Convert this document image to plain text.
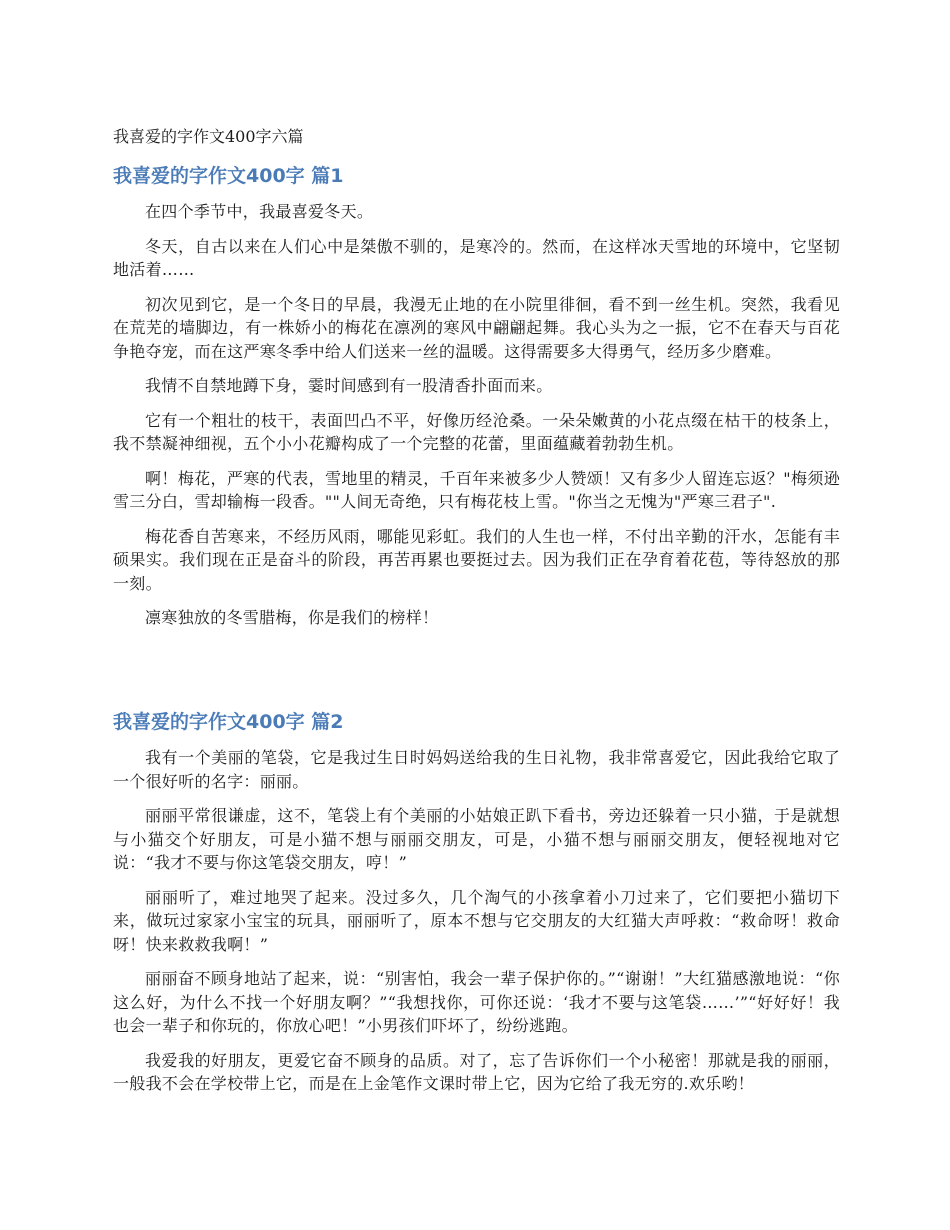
我喜爱的字作文400字六篇

我喜爱的字作文400字 篇1

在四个季节中，我最喜爱冬天。

冬天，自古以来在人们心中是桀傲不驯的，是寒冷的。然而，在这样冰天雪地的环境中，它坚韧地活着……

初次见到它，是一个冬日的早晨，我漫无止地的在小院里徘徊，看不到一丝生机。突然，我看见在荒芜的墙脚边，有一株娇小的梅花在凛冽的寒风中翩翩起舞。我心头为之一振，它不在春天与百花争艳夺宠，而在这严寒冬季中给人们送来一丝的温暖。这得需要多大得勇气，经历多少磨难。

我情不自禁地蹲下身，霎时间感到有一股清香扑面而来。

它有一个粗壮的枝干，表面凹凸不平，好像历经沧桑。一朵朵嫩黄的小花点缀在枯干的枝条上，我不禁凝神细视，五个小小花瓣构成了一个完整的花蕾，里面蕴藏着勃勃生机。

啊！梅花，严寒的代表，雪地里的精灵，千百年来被多少人赞颂！又有多少人留连忘返？"梅须逊雪三分白，雪却输梅一段香。""人间无奇绝，只有梅花枝上雪。"你当之无愧为"严寒三君子".

梅花香自苦寒来，不经历风雨，哪能见彩虹。我们的人生也一样，不付出辛勤的汗水，怎能有丰硕果实。我们现在正是奋斗的阶段，再苦再累也要挺过去。因为我们正在孕育着花苞，等待怒放的那一刻。

凛寒独放的冬雪腊梅，你是我们的榜样！

我喜爱的字作文400字 篇2

我有一个美丽的笔袋，它是我过生日时妈妈送给我的生日礼物，我非常喜爱它，因此我给它取了一个很好听的名字：丽丽。

丽丽平常很谦虚，这不，笔袋上有个美丽的小姑娘正趴下看书，旁边还躲着一只小猫，于是就想与小猫交个好朋友，可是小猫不想与丽丽交朋友，可是，小猫不想与丽丽交朋友，便轻视地对它说：“我才不要与你这笔袋交朋友，哼！”

丽丽听了，难过地哭了起来。没过多久，几个淘气的小孩拿着小刀过来了，它们要把小猫切下来，做玩过家家小宝宝的玩具，丽丽听了，原本不想与它交朋友的大红猫大声呼救：“救命呀！救命呀！快来救救我啊！”

丽丽奋不顾身地站了起来，说：“别害怕，我会一辈子保护你的。”“谢谢！”大红猫感激地说：“你这么好，为什么不找一个好朋友啊？”“我想找你，可你还说：‘我才不要与这笔袋……’”“好好好！我也会一辈子和你玩的，你放心吧！”小男孩们吓坏了，纷纷逃跑。

我爱我的好朋友，更爱它奋不顾身的品质。对了，忘了告诉你们一个小秘密！那就是我的丽丽，一般我不会在学校带上它，而是在上金笔作文课时带上它，因为它给了我无穷的.欢乐哟！
